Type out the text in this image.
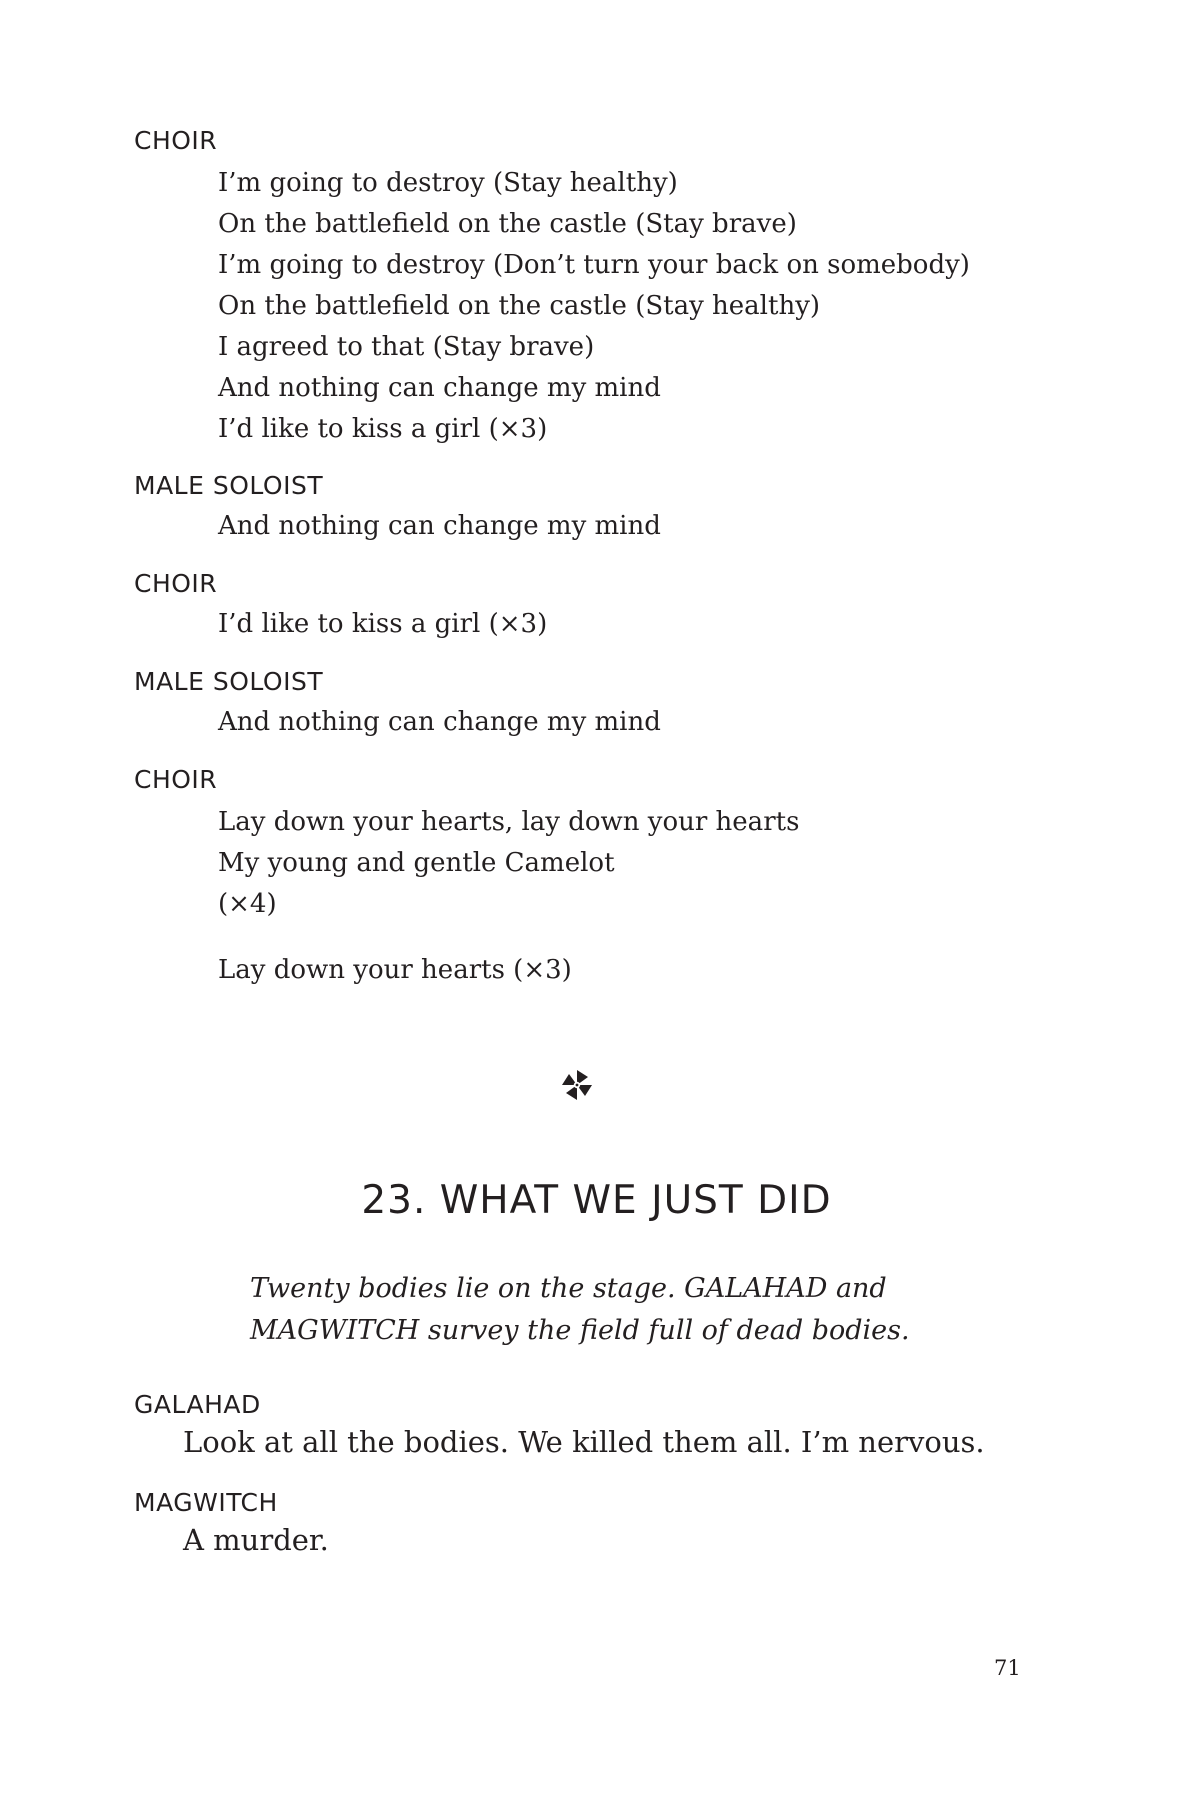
CHOIR
I’m going to destroy (Stay healthy)
On the battlefield on the castle (Stay brave)
I’m going to destroy (Don’t turn your back on somebody)
On the battlefield on the castle (Stay healthy)
I agreed to that (Stay brave)
And nothing can change my mind
I’d like to kiss a girl (×3)
MALE SOLOIST
And nothing can change my mind
CHOIR
I’d like to kiss a girl (×3)
MALE SOLOIST
And nothing can change my mind
CHOIR
Lay down your hearts, lay down your hearts
My young and gentle Camelot
(×4)
Lay down your hearts (×3)
23. WHAT WE JUST DID
Twenty bodies lie on the stage. GALAHAD and
MAGWITCH survey the field full of dead bodies.
GALAHAD
Look at all the bodies. We killed them all. I’m nervous.
MAGWITCH
A murder.
71
